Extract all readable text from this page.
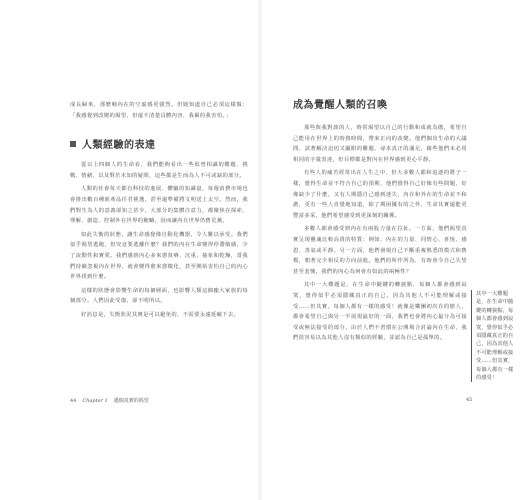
成長歸來，那麼喃內在的空虛感更強烈。但她知道自己必須這樣做：「我感覺到改變的渴望，但還不清楚具體內容，我累的我害怕。」

人類經驗的表達

從以上四個人的生命看，我們能夠看出一些似曾相識的難題、挑戰、情緒，以及對於未知的疑問，這些都是生而為人不可或缺的部分。

人類的社會每天都有科技的進展、體驗的知識量，每週消費市場也會推出數百種新產品任君挑選，甚至還準備將文明送上太空。然而，我們對生為人的意義卻知之甚少，大部分的集體注意力，都聚焦在探索、理解、創造、控制外在世界的範疇，因而讓內在世界仍舊荒蕪。

如此失衡的狀態，讓生命感覺像自動化機器，令人難以承受。我們似乎渴望逃跑，但究竟要逃離什麼？我們的內在生命變得停滯敏感，少了流動性和實愛。我們感到內心多來愈貧瘠、沉重、抽象和乾燥，當我們持續忽視內在世界，就會變得愈來愈微化，甚至開始害怕自己的內心世界找到什麼。

這樣的狀態會影響生命的每個層面，也影響人類這個龐大家族的每個部分。人們因此受傷，卻不明所以。

好消息是，失衡狀況其實是可以避免的，不需要永遠延續下去。

成為覺醒人類的召喚

那些與我對談的人，時常渴望以自己的行動和成就為傲，希望自己能用在世界上的時資時間，帶來正向的改變。他們個出生命的大議問，試著解決迫切又顯眼的難題，尋求真正的滿足，藉些他們未必用相同的字彙表達，但目標都是對內在世界感到更心平靜。

有些人的痛苦經常出在人生之中，但大多數人都和追逐的將子一樣，覺得生命並不符合自己的預期，他們覺得自己好像有些問題，好像缺少了什麼，又有人期隱自己感到迷失，內在和外在的生命並不和諧，更有一些人直覺地知道，除了期困擾有的之外，生命其實還能更豐富多采，他們希望感受到更深刻的關係。

多數人都會感受到內在有兩股力量在拉扯。一方面，他們渴望真實呈現靈魂比較高貴的特質：例如，內在的力量、同情心、喜悅、感恩、善氣或平靜。另一方面，他們發現自己不斷重複熟悉的模式和舊模，朝著完全相反的方向前進。他們的所作所為，有時會令自己失望甚至羞愧，我們的內心為何會有如此的兩極性？

其中一大難題是，在生命中隨鍵的轉捩點，每個人都會感到寂寞，覺得似乎必須隱藏真正的自己，因為其他人不可能理解或接受……但其實，每個人都有一樣的感受！就像是樂團初次在的戀人，都會希望自己與另一半展現最好的一面，我們也會將內心最分為可接受或無法接受的部分，由於人們不習慣在公開場合討論內在生命，我們很容易以為其他人沒有類似的經驗，並認為自己是孤單的。

其中一大難題是，在生命中隨鍵的轉捩點，每個人都會感到寂寞，覺得似乎必須隱藏真正的自己，因為其他人不可能理解或接受……但其實，每個人都有一樣的感受！

44 Chapter 1 邁個真實的渴望	45
